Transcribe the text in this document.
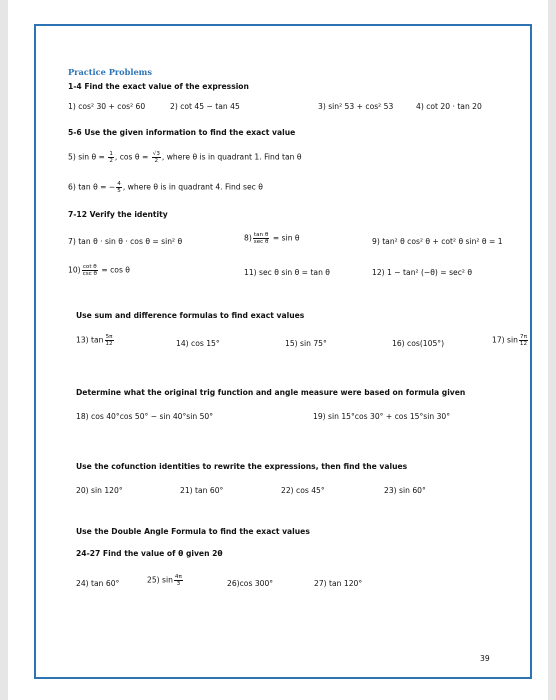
Practice Problems
1-4 Find the exact value of the expression
1) cos² 30 + cos² 60	2) cot 45 − tan 45	3) sin² 53 + cos² 53	4) cot 20 · tan 20
5-6 Use the given information to find the exact value
5) $\sin \theta = \frac{1}{2}$ , $\cos \theta = \frac{√3}{2}$ , where θ is in quadrant 1. Find tan θ
6) tan θ = − $\frac{4}{5}$ , where θ is in quadrant 4. Find sec θ
7-12 Verify the identity
7) tan θ · sin θ · cos θ = sin² θ	$8) \frac{\text{tan θ}}{\text{sec θ}} = \sin \theta$	9) tan² θ cos² θ + cot² θ sin² θ = 1
$10) \frac{\text{cot θ}}{\text{csc θ}} = \cos \theta$	11) sec θ sin θ = tan θ	12) 1 − tan² (−θ) = sec² θ
Use sum and difference formulas to find exact values
13) $\tan \frac{5\pi}{12}$	14) cos 15°	15) sin 75°	16) cos(105°)	17) $\sin \frac{7\pi}{12}$
Determine what the original trig function and angle measure were based on formula given
18) cos 40°cos 50° − sin 40°sin 50°	19) sin 15°cos 30° + cos 15°sin 30°
Use the cofunction identities to rewrite the expressions, then find the values
20) sin 120°	21) tan 60°	22) cos 45°	23) sin 60°
Use the Double Angle Formula to find the exact values
24-27 Find the value of θ given 2θ
24) tan 60°	25) $\sin \frac{4\pi}{3}$	26)cos 300°	27) tan 120°
39
